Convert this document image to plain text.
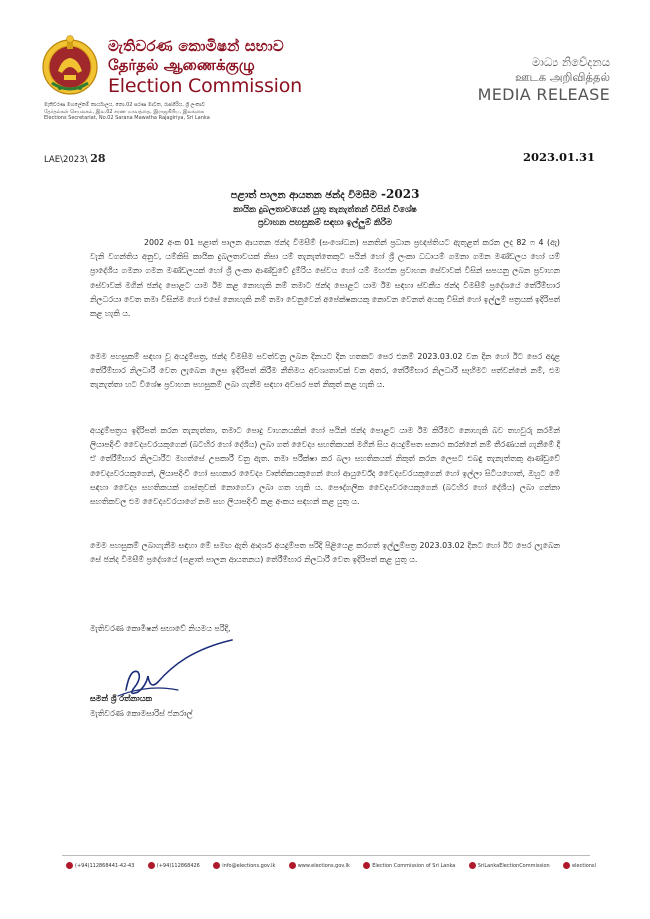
මැතිවරණ කොමිෂන් සභාව
தேர்தல் ஆணைக்குழு
Election Commission
මැතිවරණ මහලේකම් කාර්යාලය, නො.02 සරණ මාවත, රාජගිරිය, ශ්‍රී ලංකාව
தேர்தல்கள் செயலகம், இல.02 சரண மாவத்தை, இராஜகிரிய, இலங்கை
Elections Secretariat, No.02 Sarana Mawatha Rajagiriya, Sri Lanka
මාධ්‍ය නිවේදනය
ஊடக அறிவித்தல்
MEDIA RELEASE
LAE\2023\ 28	2023.01.31
පළාත් පාලන ආයතන ඡන්ද විමසීම -2023
කායික දුබලතාවයෙන් යුතු තැනැත්තන් විසින් විශේෂ
ප්‍රවාහන පහසුකම් සඳහා ඉල්ලුම් කිරීම

2002 අංක 01 පළාත් පාලන ආයතන ඡන්ද විමසීම් (සංශෝධන) පනතින් ප්‍රධාන ප්‍රඥප්තියට ඇතුළත් කරන ලද 82 ෆ 4 (ඇ) වැනි වගන්තිය අනුව, යම්කිසි කායික දුබලතාවයක් නිසා යම් තැනැත්තෙකුට පයින් හෝ ශ්‍රී ලංකා ධධායම් ගමනා ගමන මණ්ඩලය හෝ යම් ප්‍රාදේශීය ගමනා ගමන මණ්ඩලයක් හෝ ශ්‍රී ලංකා ආණ්ඩුවේ දුම්රිය සේවය හෝ යම් මහජන ප්‍රවාහන සේවාවක් විසින් සපයනු ලබන ප්‍රවාහන සේවාවක් මගින් ඡන්ද පොළට යාම ඊම කළ නොහැකි නම් තමාට ඡන්ද පොළට යාම ඊම සඳහා ස්වකීය ඡන්ද විමසීම් ප්‍රදේශයේ තේරීම්භාර නිලධරයා වෙත තමා විසින්ම හෝ එසේ නොහැකි නම් තමා වෙනුවෙන් අපේක්ෂකයකු නොවන වෙනත් අයකු විසින් හෝ ඉල්ලුම් පත්‍රයක් ඉදිරිපත් කළ හැකි ය.

මෙම පහසුකම් සඳහා වූ අයදුම්පත්‍ර, ඡන්ද විමසීම පවත්වනු ලබන දිනයට දින හතකට පෙර එනම් 2023.03.02 වන දින හෝ ඊට පෙර අදාළ තේරීම්භාර නිලධාරී වෙත ලැබෙන ලෙස ඉදිරිපත් කිරීම නීතිමය අවශ්‍යතාවක් වන අතර, තේරීම්භාර නිලධාරී සෑහීමට පත්වන්නේ නම්, එම තැනැත්තා හට විශේෂ ප්‍රවාහන පහසුකම් ලබා ගැනීම සඳහා අවසර පත් නිකුත් කළ හැකි ය.

අයදුම්පත්‍රය ඉදිරිපත් කරන තැනැත්තා, තමාට පොදු වාහනයකින් හෝ පයින් ඡන්ද පොළට යාම ඊම කිරීමට නොහැකි බව තහවුරු කරමින් ලියාපදිංචි වෛද්‍යවරයකුගෙන් (බටහිර හෝ දේශීය) ලබා ගත් වෛද්‍ය සහතිකයක් මගින් සිය අයදුම්පත සනාථ කරන්නේ නම් තීරණයක් ගැනීමේ දී ඒ තේරීම්භාර නිලධාරීට මහත්සේ උපකාරී වනු ඇත. තමා පරීක්ෂා කර බලා සහතිකයක් නිකුත් කරන ලෙසට එබඳු තැනැත්තකු ආණ්ඩුවේ වෛද්‍යවරයකුගෙන්, ලියාපදිංචි හෝ සහකාර වෛද්‍ය වෘත්තිකයකුගෙන් හෝ ආයුර්වේද වෛද්‍යවරයකුගෙන් හෝ ඉල්ලා සිටියහොත්, ඔහුට මේ සඳහා වෛද්‍ය සහතිකයක් ගාස්තුවක් නොගෙවා ලබා ගත හැකි ය. පෞද්ගලික වෛද්‍යවරයෙකුගෙන් (බටහිර හෝ දේශීය) ලබා ගන්නා සහතිකවල එම වෛද්‍යවරයාගේ නම සහ ලියාපදිංචි කළ අංකය සඳහන් කළ යුතු ය.

මෙම පහසුකම් ලබාගැනීම සඳහා මේ සමඟ ඇති ආදර්ශ අයදුම්පත පරිදි පිළියෙළ කරගත් ඉල්ලුම්පත්‍ර 2023.03.02 දිනට හෝ ඊට පෙර ලැබෙන සේ ඡන්ද විමසීම් ප්‍රදේශයේ (පළාත් පාලන ආයතනය) තේරීම්භාර නිලධාරී වෙත ඉදිරිපත් කළ යුතු ය.

මැතිවරණ කොමිෂන් සභාවේ නියමය පරිදි,
සමන් ශ්‍රී රත්නායක
මැතිවරණ කොමසාරිස් ජනරාල්
(+94)112868441-42-43	(+94)112868426	info@elections.gov.lk	www.elections.gov.lk	Election Commission of Sri Lanka	SriLankaElectionCommission	electionsl
